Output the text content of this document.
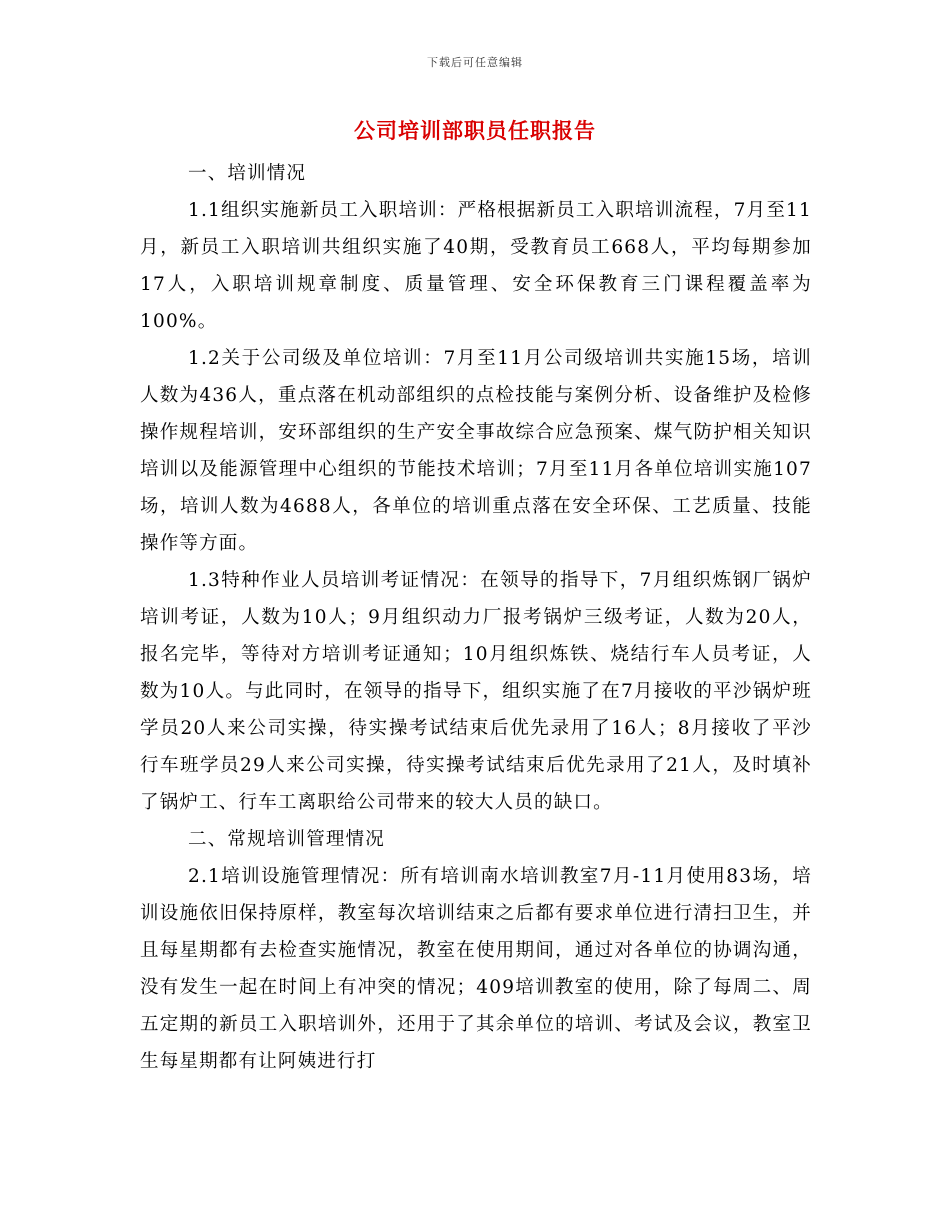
下载后可任意编辑
公司培训部职员任职报告

一、培训情况

1.1组织实施新员工入职培训：严格根据新员工入职培训流程，7月至11月，新员工入职培训共组织实施了40期，受教育员工668人，平均每期参加17人，入职培训规章制度、质量管理、安全环保教育三门课程覆盖率为100%。

1.2关于公司级及单位培训：7月至11月公司级培训共实施15场，培训人数为436人，重点落在机动部组织的点检技能与案例分析、设备维护及检修操作规程培训，安环部组织的生产安全事故综合应急预案、煤气防护相关知识培训以及能源管理中心组织的节能技术培训；7月至11月各单位培训实施107场，培训人数为4688人，各单位的培训重点落在安全环保、工艺质量、技能操作等方面。

1.3特种作业人员培训考证情况：在领导的指导下，7月组织炼钢厂锅炉培训考证，人数为10人；9月组织动力厂报考锅炉三级考证，人数为20人，报名完毕，等待对方培训考证通知；10月组织炼铁、烧结行车人员考证，人数为10人。与此同时，在领导的指导下，组织实施了在7月接收的平沙锅炉班学员20人来公司实操，待实操考试结束后优先录用了16人；8月接收了平沙行车班学员29人来公司实操，待实操考试结束后优先录用了21人，及时填补了锅炉工、行车工离职给公司带来的较大人员的缺口。

二、常规培训管理情况

2.1培训设施管理情况：所有培训南水培训教室7月-11月使用83场，培训设施依旧保持原样，教室每次培训结束之后都有要求单位进行清扫卫生，并且每星期都有去检查实施情况，教室在使用期间，通过对各单位的协调沟通，没有发生一起在时间上有冲突的情况；409培训教室的使用，除了每周二、周五定期的新员工入职培训外，还用于了其余单位的培训、考试及会议，教室卫生每星期都有让阿姨进行打
